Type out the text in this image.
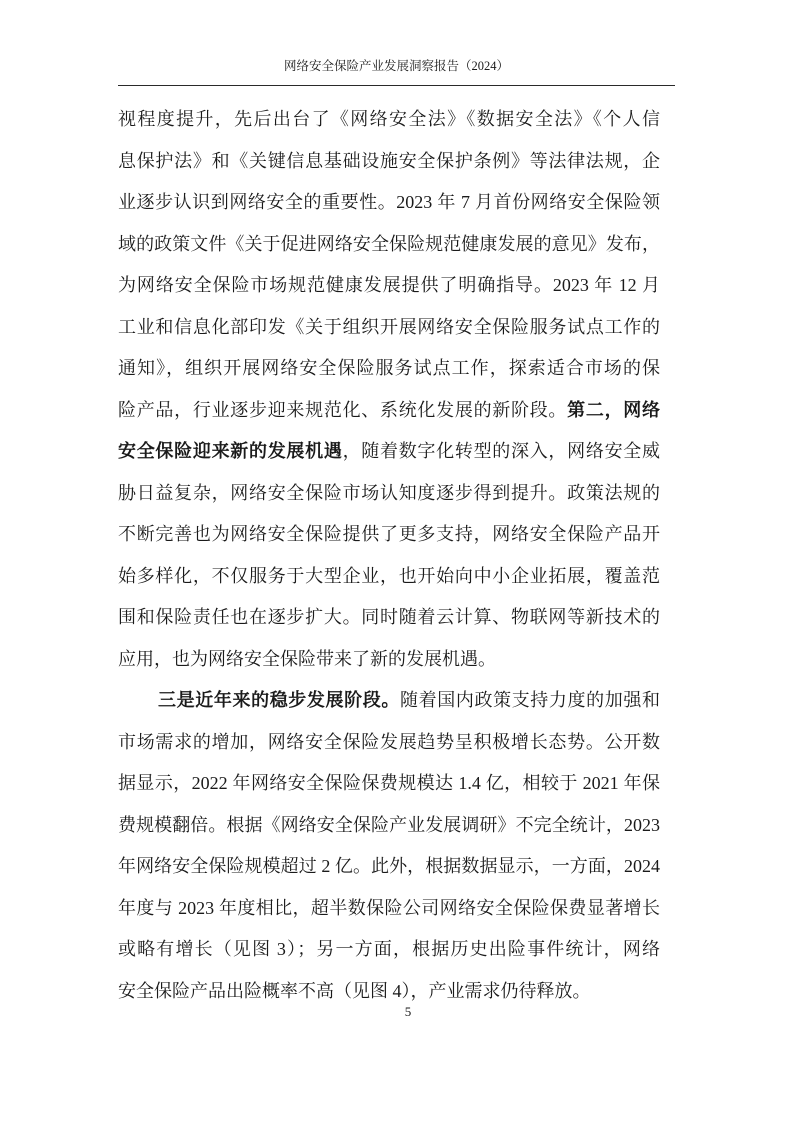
网络安全保险产业发展洞察报告（2024）
视程度提升，先后出台了《网络安全法》《数据安全法》《个人信
息保护法》和《关键信息基础设施安全保护条例》等法律法规，企
业逐步认识到网络安全的重要性。2023 年 7 月首份网络安全保险领
域的政策文件《关于促进网络安全保险规范健康发展的意见》发布，
为网络安全保险市场规范健康发展提供了明确指导。2023 年 12 月
工业和信息化部印发《关于组织开展网络安全保险服务试点工作的
通知》，组织开展网络安全保险服务试点工作，探索适合市场的保
险产品，行业逐步迎来规范化、系统化发展的新阶段。第二，网络
安全保险迎来新的发展机遇，随着数字化转型的深入，网络安全威
胁日益复杂，网络安全保险市场认知度逐步得到提升。政策法规的
不断完善也为网络安全保险提供了更多支持，网络安全保险产品开
始多样化，不仅服务于大型企业，也开始向中小企业拓展，覆盖范
围和保险责任也在逐步扩大。同时随着云计算、物联网等新技术的
应用，也为网络安全保险带来了新的发展机遇。
三是近年来的稳步发展阶段。随着国内政策支持力度的加强和
市场需求的增加，网络安全保险发展趋势呈积极增长态势。公开数
据显示，2022 年网络安全保险保费规模达 1.4 亿，相较于 2021 年保
费规模翻倍。根据《网络安全保险产业发展调研》不完全统计，2023
年网络安全保险规模超过 2 亿。此外，根据数据显示，一方面，2024
年度与 2023 年度相比，超半数保险公司网络安全保险保费显著增长
或略有增长（见图 3）；另一方面，根据历史出险事件统计，网络
安全保险产品出险概率不高（见图 4），产业需求仍待释放。
5
